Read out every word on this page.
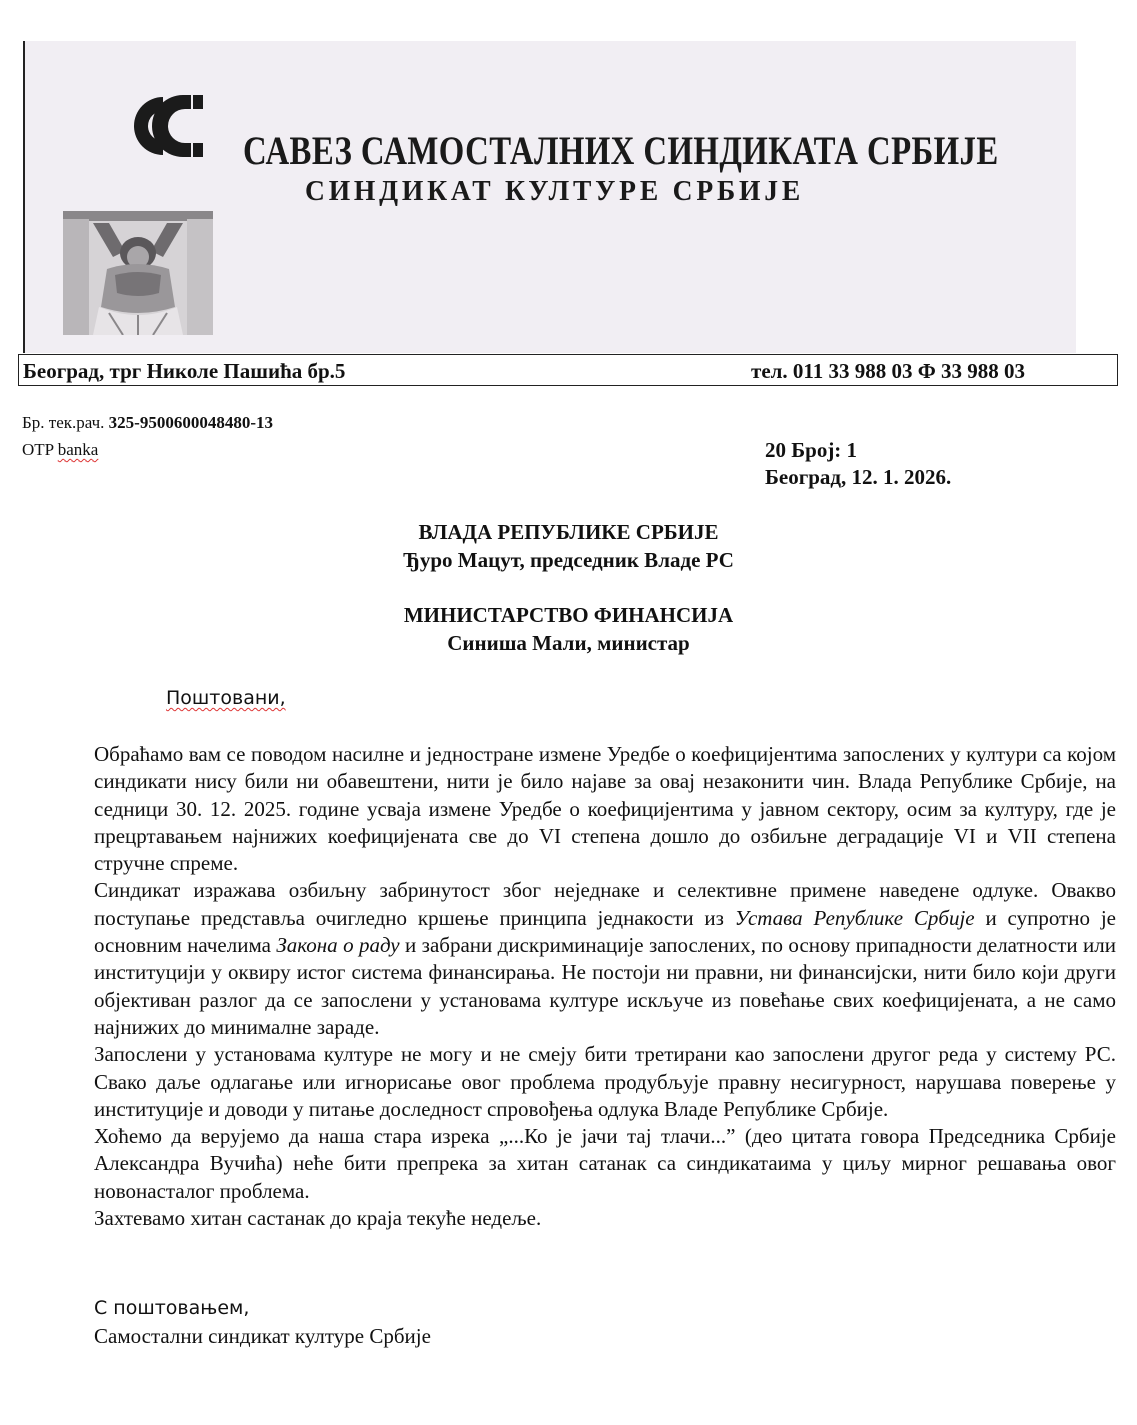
САВЕЗ САМОСТАЛНИХ СИНДИКАТА СРБИЈЕ
СИНДИКАТ КУЛТУРЕ СРБИЈЕ
Београд, трг Николе Пашића бр.5	тел. 011 33 988 03 Ф 33 988 03
Бр. тек.рач. 325-9500600048480-13
OTP banka	20 Број: 1
Београд, 12. 1. 2026.
ВЛАДА РЕПУБЛИКЕ СРБИЈЕ
Ђуро Мацут, председник Владе РС
МИНИСТАРСТВО ФИНАНСИЈА
Синиша Мали, министар
Поштовани,

Обраћамо вам се поводом насилне и једностране измене Уредбе о коефицијентима запослених у култури са којом синдикати нису били ни обавештени, нити је било најаве за овај незаконити чин. Влада Републике Србије, на седници 30. 12. 2025. године усваја измене Уредбе о коефицијентима у јавном сектору, осим за културу, где је прецртавањем најнижих коефицијената све до VI степена дошло до озбиљне деградације VI и VII степена стручне спреме.

Синдикат изражава озбиљну забринутост због неједнаке и селективне примене наведене одлуке. Овакво поступање представља очигледно кршење принципа једнакости из Устава Републике Србије и супротно је основним начелима Закона о раду и забрани дискриминације запослених, по основу припадности делатности или институцији у оквиру истог система финансирања. Не постоји ни правни, ни финансијски, нити било који други објективан разлог да се запослени у установама културе искључе из повећање свих коефицијената, а не само најнижих до минималне зараде.

Запослени у установама културе не могу и не смеју бити третирани као запослени другог реда у систему РС. Свако даље одлагање или игнорисање овог проблема продубљује правну несигурност, нарушава поверење у институције и доводи у питање доследност спровођења одлука Владе Републике Србије.

Хоћемо да верујемо да наша стара изрека „...Ко је јачи тај тлачи...” (део цитата говора Председника Србије Александра Вучића) неће бити препрека за хитан сатанак са синдикатаима у циљу мирног решавања овог новонасталог проблема.

Захтевамо хитан састанак до краја текуће недеље.

С поштовањем,
Самостални синдикат културе Србије
